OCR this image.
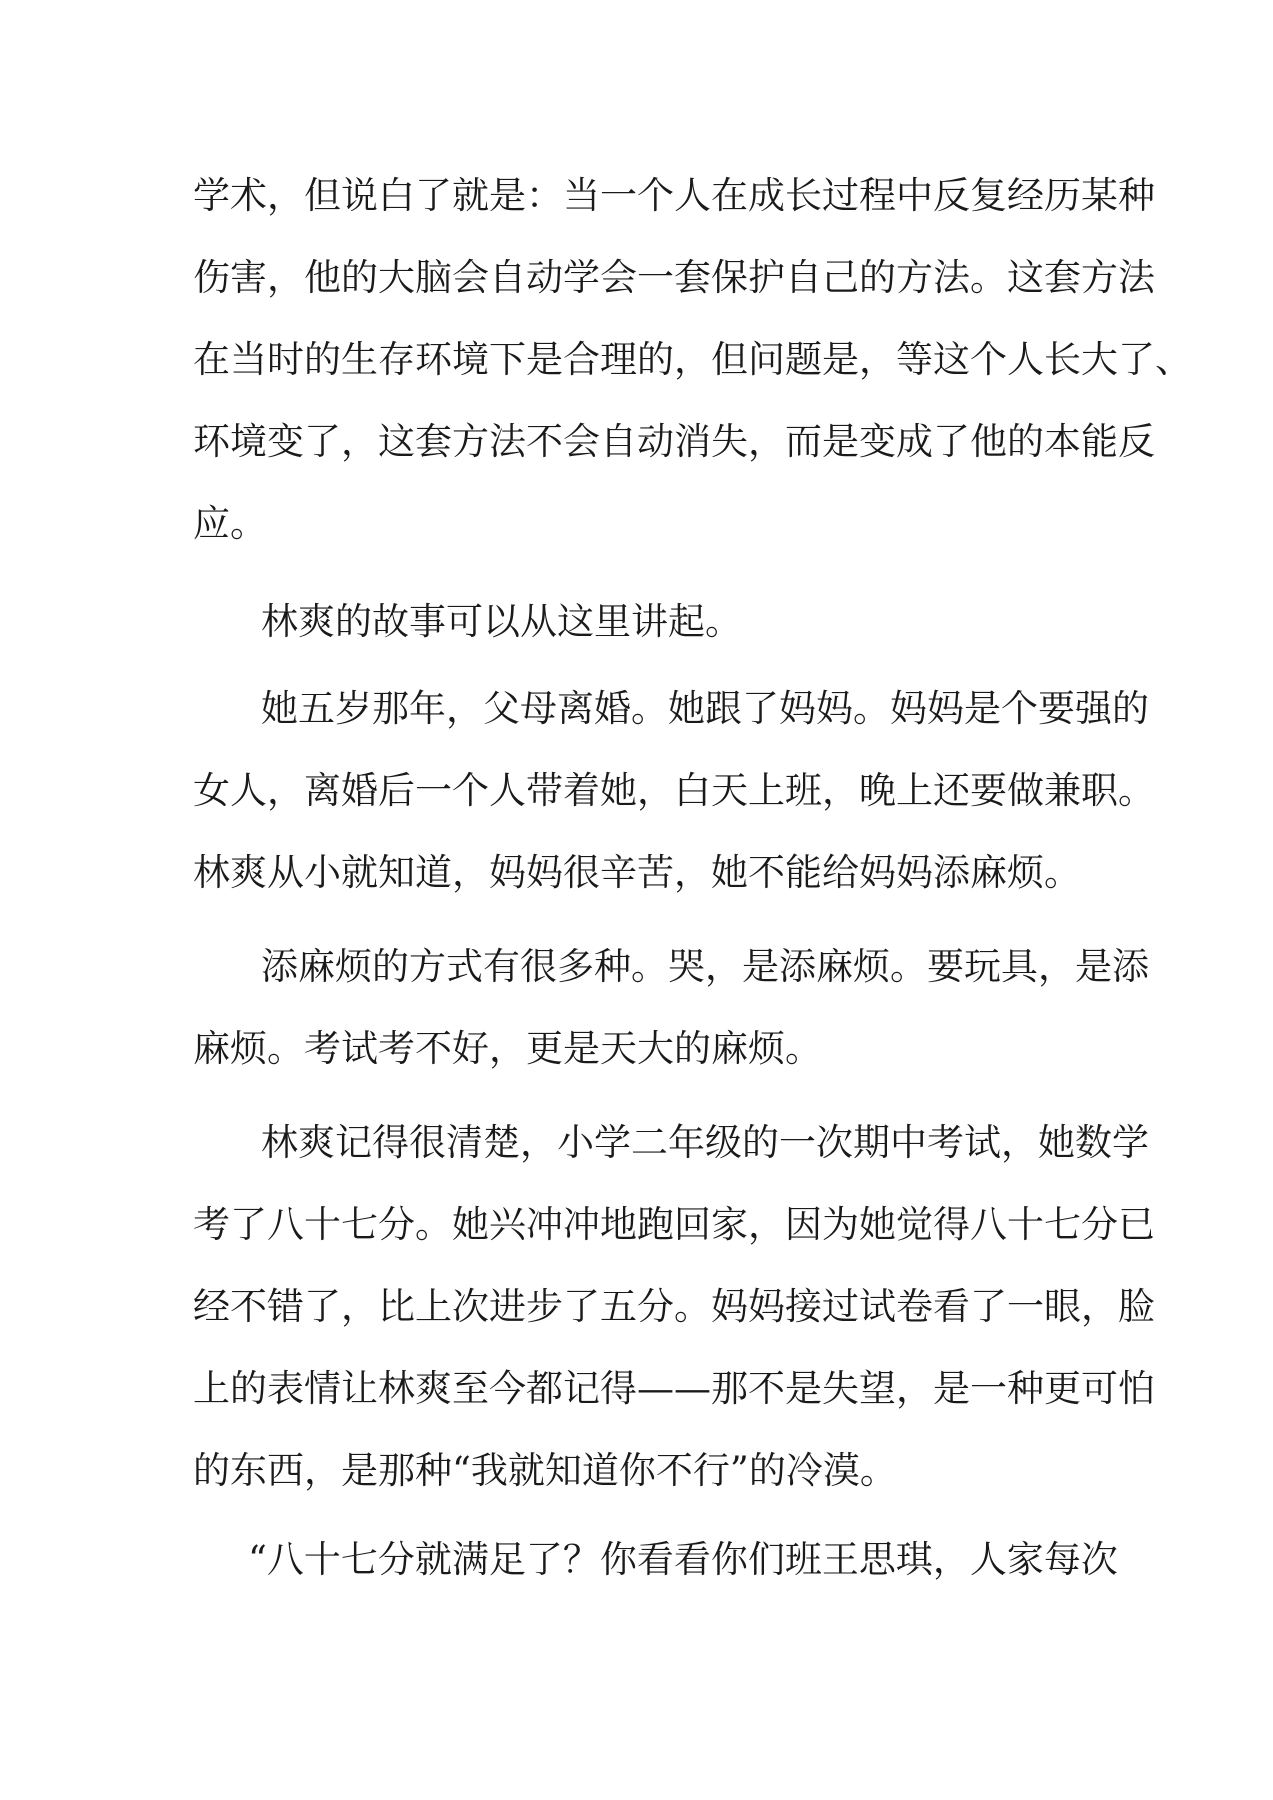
学术，但说白了就是：当一个人在成长过程中反复经历某种
伤害，他的大脑会自动学会一套保护自己的方法。这套方法
在当时的生存环境下是合理的，但问题是，等这个人长大了、
环境变了，这套方法不会自动消失，而是变成了他的本能反
应。
林爽的故事可以从这里讲起。
她五岁那年，父母离婚。她跟了妈妈。妈妈是个要强的
女人，离婚后一个人带着她，白天上班，晚上还要做兼职。
林爽从小就知道，妈妈很辛苦，她不能给妈妈添麻烦。
添麻烦的方式有很多种。哭，是添麻烦。要玩具，是添
麻烦。考试考不好，更是天大的麻烦。
林爽记得很清楚，小学二年级的一次期中考试，她数学
考了八十七分。她兴冲冲地跑回家，因为她觉得八十七分已
经不错了，比上次进步了五分。妈妈接过试卷看了一眼，脸
上的表情让林爽至今都记得——那不是失望，是一种更可怕
的东西，是那种“我就知道你不行”的冷漠。
“八十七分就满足了？你看看你们班王思琪，人家每次
